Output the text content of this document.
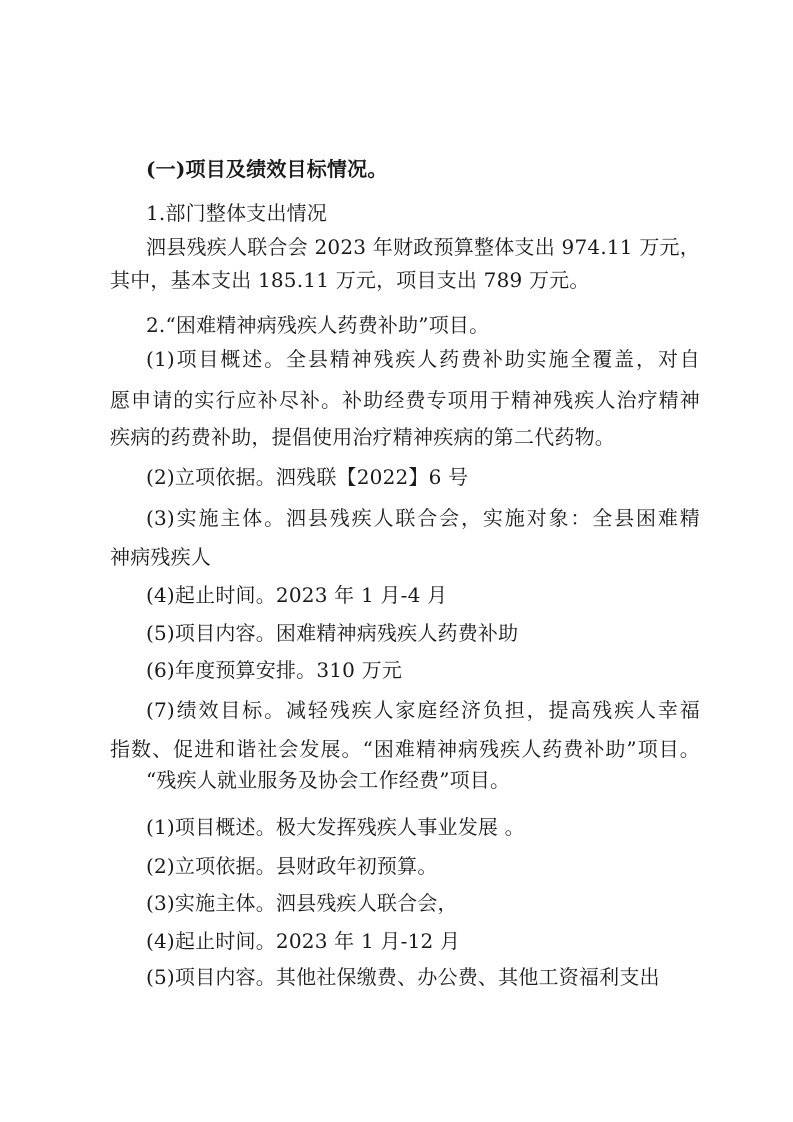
(一)项目及绩效目标情况。
1.部门整体支出情况
泗县残疾人联合会 2023 年财政预算整体支出 974.11 万元，
其中，基本支出 185.11 万元，项目支出 789 万元。
2.“困难精神病残疾人药费补助”项目。
(1)项目概述。全县精神残疾人药费补助实施全覆盖，对自
愿申请的实行应补尽补。补助经费专项用于精神残疾人治疗精神
疾病的药费补助，提倡使用治疗精神疾病的第二代药物。
(2)立项依据。泗残联【2022】6 号
(3)实施主体。泗县残疾人联合会，实施对象：全县困难精
神病残疾人
(4)起止时间。2023 年 1 月-4 月
(5)项目内容。困难精神病残疾人药费补助
(6)年度预算安排。310 万元
(7)绩效目标。减轻残疾人家庭经济负担，提高残疾人幸福
指数、促进和谐社会发展。“困难精神病残疾人药费补助”项目。
“残疾人就业服务及协会工作经费”项目。
(1)项目概述。极大发挥残疾人事业发展 。
(2)立项依据。县财政年初预算。
(3)实施主体。泗县残疾人联合会，
(4)起止时间。2023 年 1 月-12 月
(5)项目内容。其他社保缴费、办公费、其他工资福利支出
